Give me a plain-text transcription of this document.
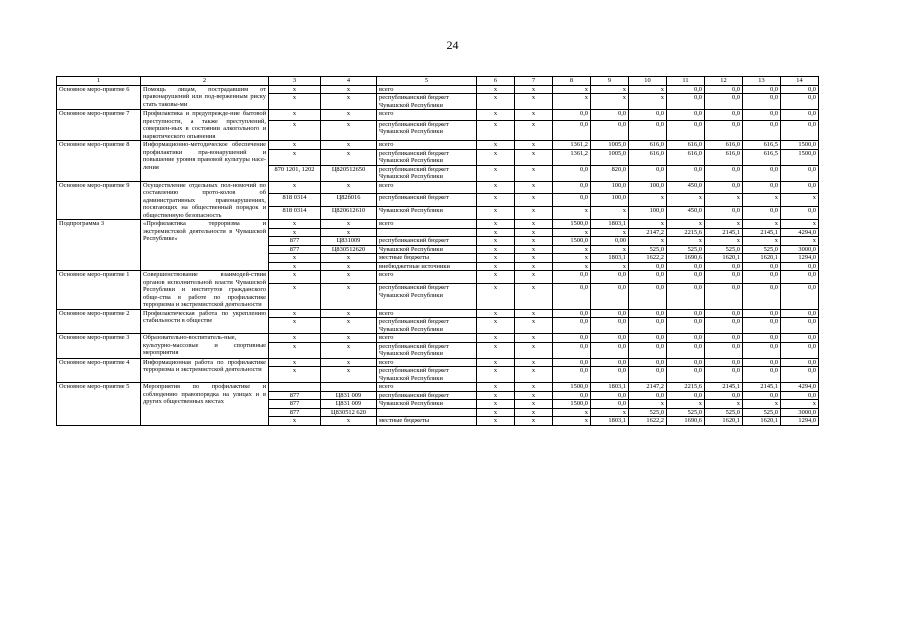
24
1	2	3	4	5	6	7	8	9	10	11	12	13	14
Основное меро-приятие 6	Помощь лицам, пострадавшим от правонарушений или под-верженным риску стать таковы-ми	x	x	всего	x	x	x	x	x	0,0	0,0	0,0	0,0
		x	x	республиканский бюджет Чувашской Республики	x	x	x	x	x	0,0	0,0	0,0	0,0
Основное меро-приятие 7	Профилактика и предупрежде-ние бытовой преступности, а также преступлений, совершен-ных в состоянии алкогольного и наркотического опьянения	x	x	всего	x	x	0,0	0,0	0,0	0,0	0,0	0,0	0,0
		x	x	республиканский бюджет Чувашской Республики	x	x	0,0	0,0	0,0	0,0	0,0	0,0	0,0
Основное меро-приятие 8	Информационно-методическое обеспечение профилактики пра-вонарушений и повышение уровня правовой культуры насе-ления	x	x	всего	x	x	1361,2	1005,0	616,0	616,0	616,0	616,5	1500,0
		x	x	республиканский бюджет Чувашской Республики	x	x	1361,2	1005,0	616,0	616,0	616,0	616,5	1500,0
		870 1201, 1202	Ц820512650	республиканский бюджет Чувашской Республики	x	x	0,0	820,0	0,0	0,0	0,0	0,0	0,0
Основное меро-приятие 9	Осуществление отдельных пол-номочий по составлению прото-колов об административных правонарушениях, посягающих на общественный порядок и общественную безопасность	x	x	всего	x	x	0,0	100,0	100,0	450,0	0,0	0,0	0,0
		818 0314	Ц82б016	республиканский бюджет	x	x	0,0	100,0	x	x	x	x	x
		818 0314	Ц820612610	Чувашской Республики	x	x	x	x	100,0	450,0	0,0	0,0	0,0
Подпрограмма 3	«Профилактика терроризма и экстремистской деятельности в Чувашской Республике»	x	x	всего	x	x	1500,0	1803,1	x	x	x	x	x
		x	x		x	x	x	x	2147,2	2215,6	2145,1	2145,1	4294,0
		877	Ц831009	республиканский бюджет	x	x	1500,0	0,00	x	x	x	x	x
		877	Ц830512620	Чувашской Республики	x	x	x	x	525,0	525,0	525,0	525,0	3000,0
		x	x	местные бюджеты	x	x	x	1803,1	1622,2	1690,6	1620,1	1620,1	1294,0
		x	x	внебюджетные источники	x	x	x	x	0,0	0,0	0,0	0,0	0,0
Основное меро-приятие 1	Совершенствование взаимодей-ствия органов исполнительной власти Чувашской Республики и институтов гражданского обще-ства в работе по профилактике терроризма и экстремистской деятельности	x	x	всего	x	x	0,0	0,0	0,0	0,0	0,0	0,0	0,0
		x	x	республиканский бюджет Чувашской Республики	x	x	0,0	0,0	0,0	0,0	0,0	0,0	0,0
Основное меро-приятие 2	Профилактическая работа по укреплению стабильности в обществе	x	x	всего	x	x	0,0	0,0	0,0	0,0	0,0	0,0	0,0
		x	x	республиканский бюджет Чувашской Республики	x	x	0,0	0,0	0,0	0,0	0,0	0,0	0,0
Основное меро-приятие 3	Образовательно-воспитатель-ные, культурно-массовые и спортивные мероприятия	x	x	всего	x	x	0,0	0,0	0,0	0,0	0,0	0,0	0,0
		x	x	республиканский бюджет Чувашской Республики	x	x	0,0	0,0	0,0	0,0	0,0	0,0	0,0
Основное меро-приятие 4	Информационная работа по профилактике терроризма и экстремистской деятельности	x	x	всего	x	x	0,0	0,0	0,0	0,0	0,0	0,0	0,0
		x	x	республиканский бюджет Чувашской Республики	x	x	0,0	0,0	0,0	0,0	0,0	0,0	0,0
Основное меро-приятие 5	Мероприятия по профилактике и соблюдению правопорядка на улицах и в других общественных местах			всего	x	x	1500,0	1803,1	2147,2	2215,6	2145,1	2145,1	4294,0
		877	Ц831 009	республиканский бюджет	x	x	0,0	0,0	0,0	0,0	0,0	0,0	0,0
		877	Ц831 009	Чувашской Республики	x	x	1500,0	0,0	x	x	x	x	x
		877	Ц830512 620		x	x	x	x	525,0	525,0	525,0	525,0	3000,0
		x	x	местные бюджеты	x	x	x	1803,1	1622,2	1690,6	1620,1	1620,1	1294,0
